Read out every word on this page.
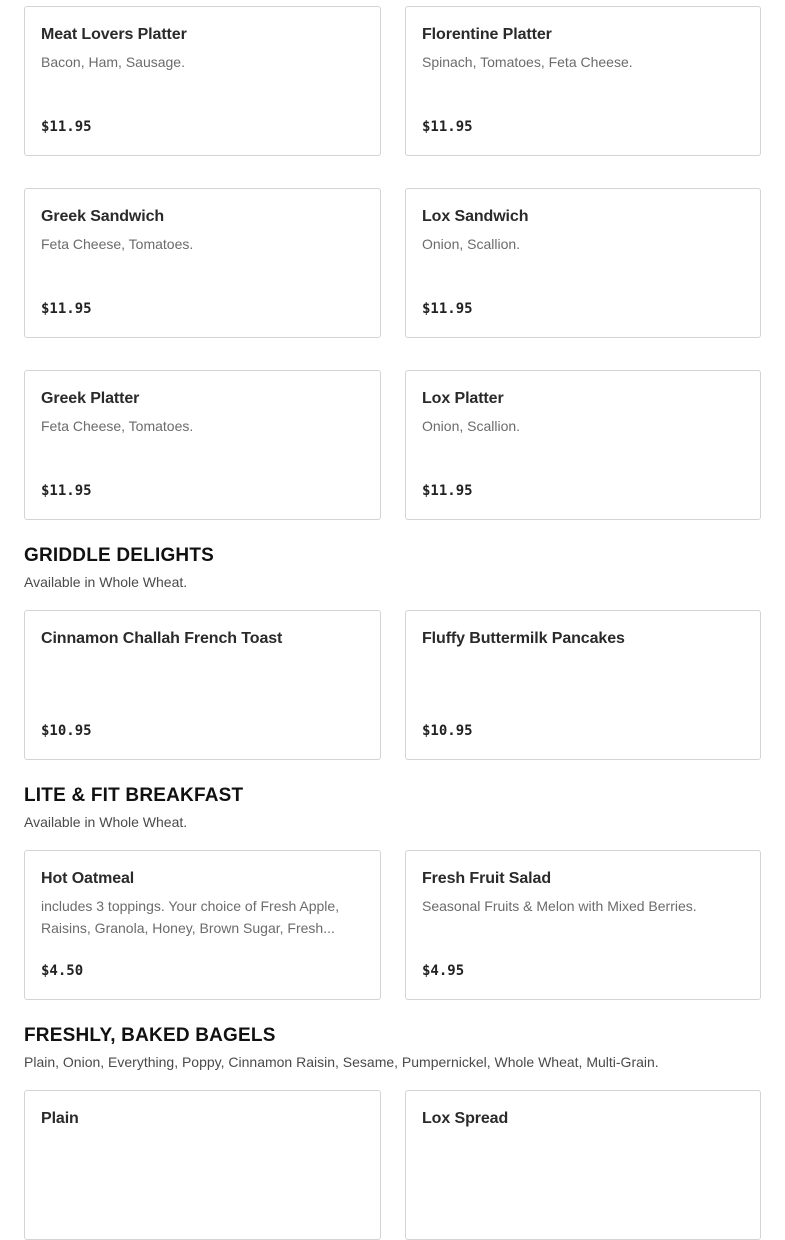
Meat Lovers Platter
Bacon, Ham, Sausage.
$11.95
Florentine Platter
Spinach, Tomatoes, Feta Cheese.
$11.95
Greek Sandwich
Feta Cheese, Tomatoes.
$11.95
Lox Sandwich
Onion, Scallion.
$11.95
Greek Platter
Feta Cheese, Tomatoes.
$11.95
Lox Platter
Onion, Scallion.
$11.95
GRIDDLE DELIGHTS
Available in Whole Wheat.
Cinnamon Challah French Toast
$10.95
Fluffy Buttermilk Pancakes
$10.95
LITE & FIT BREAKFAST
Available in Whole Wheat.
Hot Oatmeal
includes 3 toppings. Your choice of Fresh Apple, Raisins, Granola, Honey, Brown Sugar, Fresh...
$4.50
Fresh Fruit Salad
Seasonal Fruits & Melon with Mixed Berries.
$4.95
FRESHLY, BAKED BAGELS
Plain, Onion, Everything, Poppy, Cinnamon Raisin, Sesame, Pumpernickel, Whole Wheat, Multi-Grain.
Plain	Lox Spread
